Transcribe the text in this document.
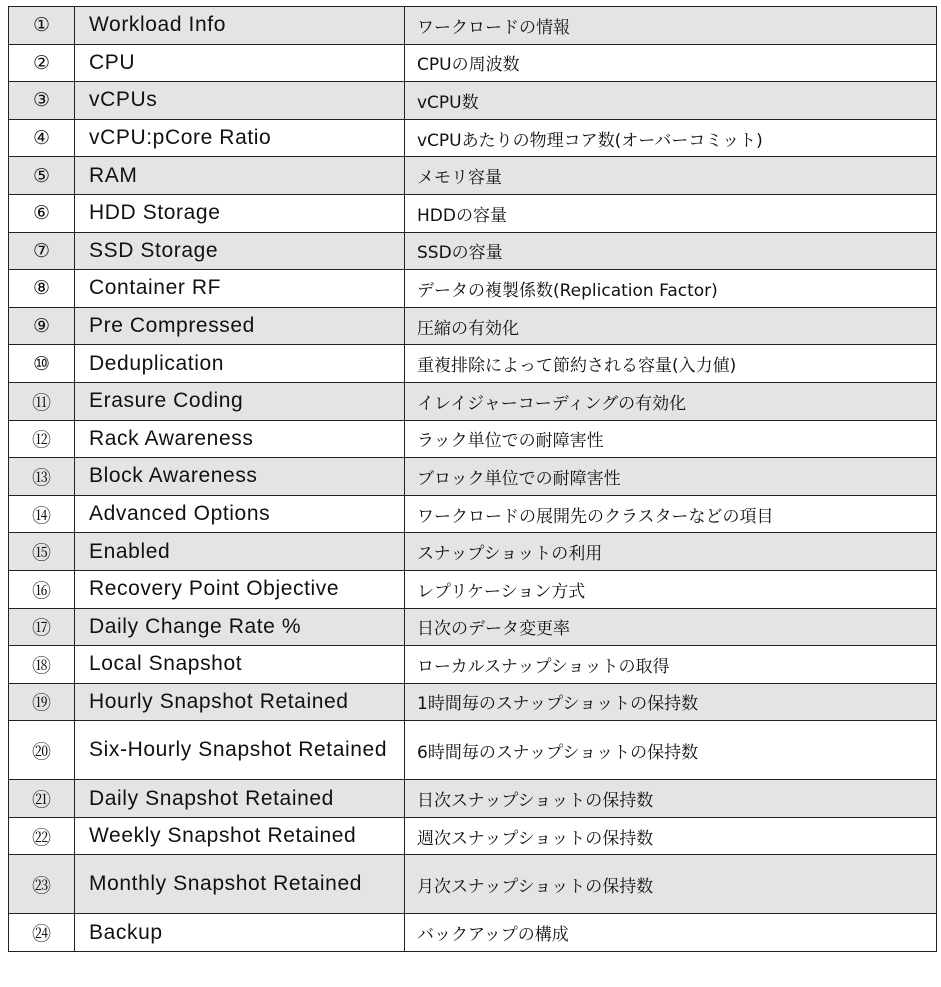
①	Workload Info	ワークロードの情報
②	CPU	CPUの周波数
③	vCPUs	vCPU数
④	vCPU:pCore Ratio	vCPUあたりの物理コア数(オーバーコミット)
⑤	RAM	メモリ容量
⑥	HDD Storage	HDDの容量
⑦	SSD Storage	SSDの容量
⑧	Container RF	データの複製係数(Replication Factor)
⑨	Pre Compressed	圧縮の有効化
⑩	Deduplication	重複排除によって節約される容量(入力値)
⑪	Erasure Coding	イレイジャーコーディングの有効化
⑫	Rack Awareness	ラック単位での耐障害性
⑬	Block Awareness	ブロック単位での耐障害性
⑭	Advanced Options	ワークロードの展開先のクラスターなどの項目
⑮	Enabled	スナップショットの利用
⑯	Recovery Point Objective	レプリケーション方式
⑰	Daily Change Rate %	日次のデータ変更率
⑱	Local Snapshot	ローカルスナップショットの取得
⑲	Hourly Snapshot Retained	1時間毎のスナップショットの保持数
⑳	Six-Hourly Snapshot Retained	6時間毎のスナップショットの保持数
㉑	Daily Snapshot Retained	日次スナップショットの保持数
㉒	Weekly Snapshot Retained	週次スナップショットの保持数
㉓	Monthly Snapshot Retained	月次スナップショットの保持数
㉔	Backup	バックアップの構成
